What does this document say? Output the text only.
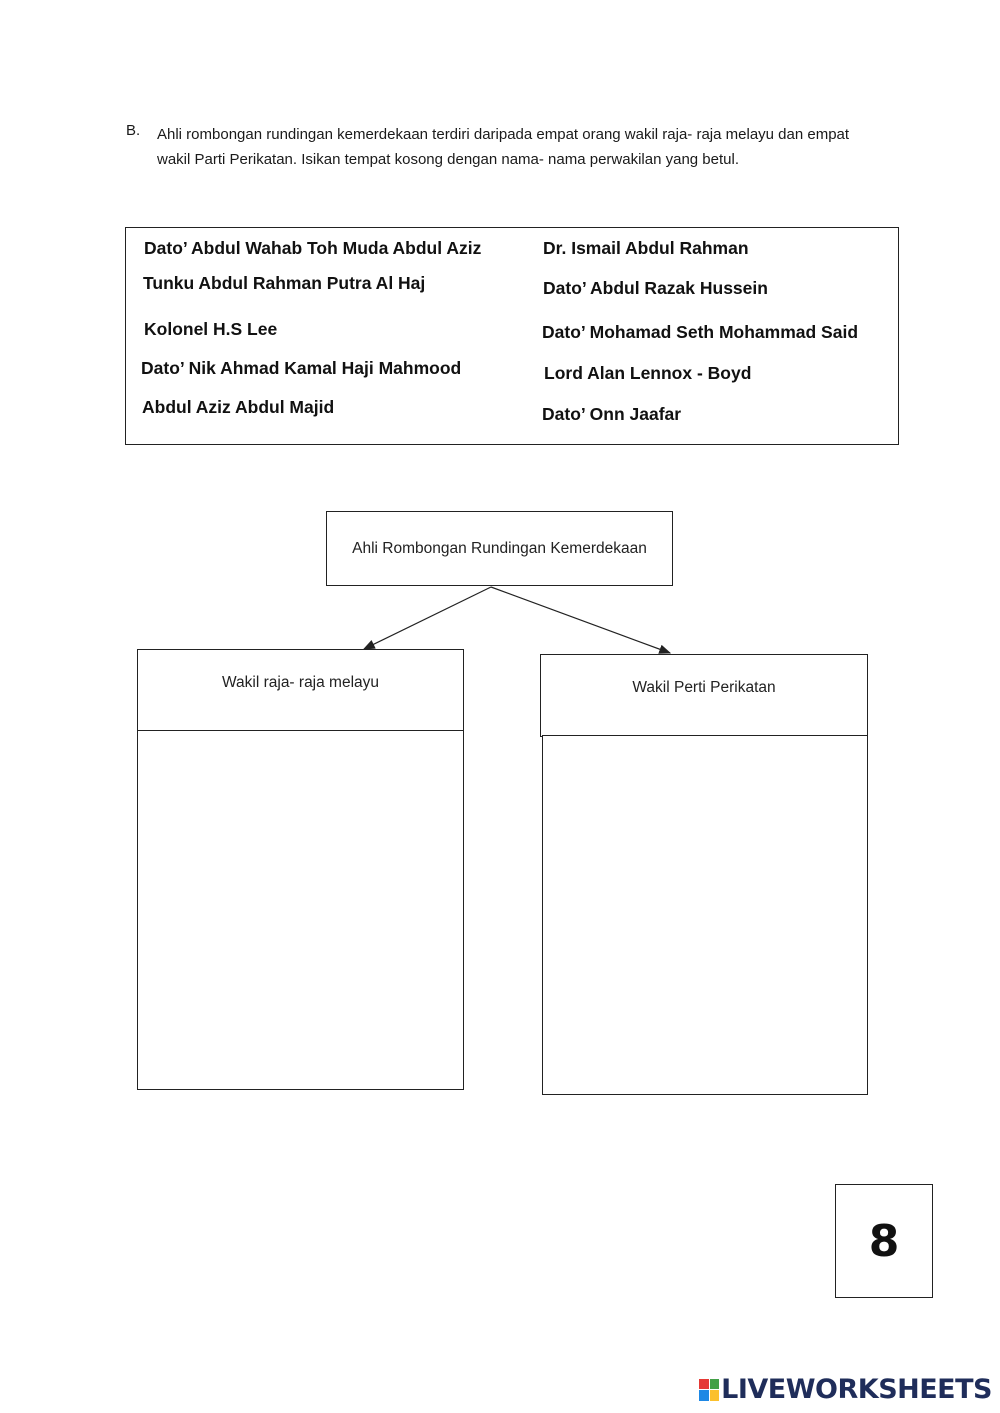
B. Ahli rombongan rundingan kemerdekaan terdiri daripada empat orang wakil raja- raja melayu dan empat wakil Parti Perikatan. Isikan tempat kosong dengan nama- nama perwakilan yang betul.
Dato’ Abdul Wahab Toh Muda Abdul Aziz
Tunku Abdul Rahman Putra Al Haj
Kolonel H.S Lee
Dato’ Nik Ahmad Kamal Haji Mahmood
Abdul Aziz Abdul Majid
Dr. Ismail Abdul Rahman
Dato’ Abdul Razak Hussein
Dato’ Mohamad Seth Mohammad Said
Lord Alan Lennox - Boyd
Dato’ Onn Jaafar
Ahli Rombongan Rundingan Kemerdekaan
Wakil raja- raja melayu	Wakil Perti Perikatan
8
LIVEWORKSHEETS
